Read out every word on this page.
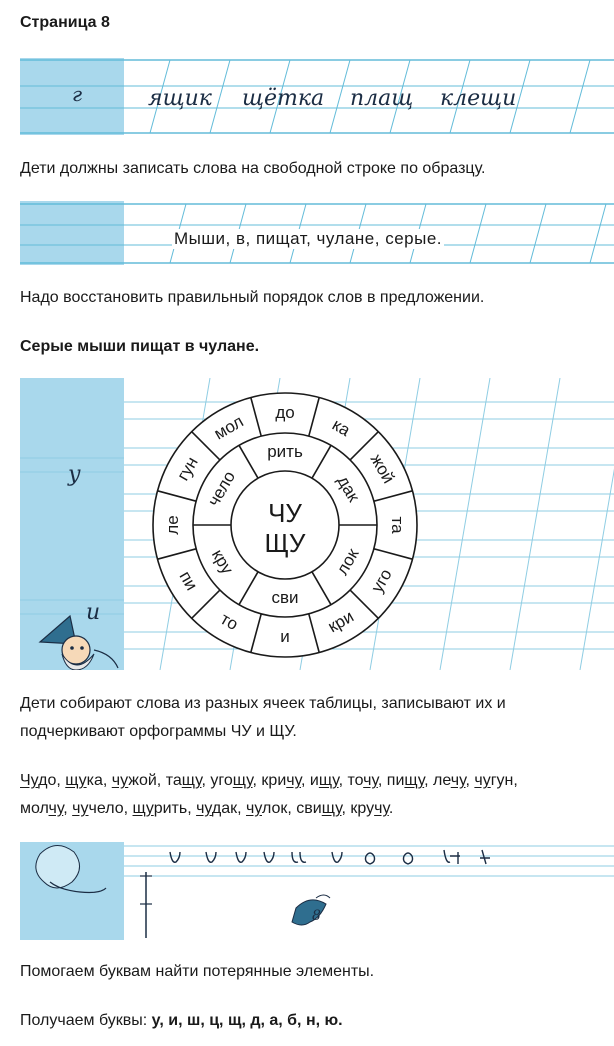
Страница 8
г	ящик щётка плащ клещи
Дети должны записать слова на свободной строке по образцу.
Мыши, в, пищат, чулане, серые.
Надо восстановить правильный порядок слов в предложении.
Серые мыши пищат в чулане.
у
и
ЧУ
ЩУ
до
ка
жой
та
уго
кри
и
то
пи
ле
гун
мол
рить
дак
лок
сви
кру
чело
Дети собирают слова из разных ячеек таблицы, записывают их и
подчеркивают орфограммы ЧУ и ЩУ.
Чудо, щука, чужой, тащу, угощу, кричу, ищу, точу, пищу, лечу, чугун,
молчу, чучело, щурить, чудак, чулок, свищу, кручу.
8
Помогаем буквам найти потерянные элементы.
Получаем буквы: у, и, ш, ц, щ, д, а, б, н, ю.
